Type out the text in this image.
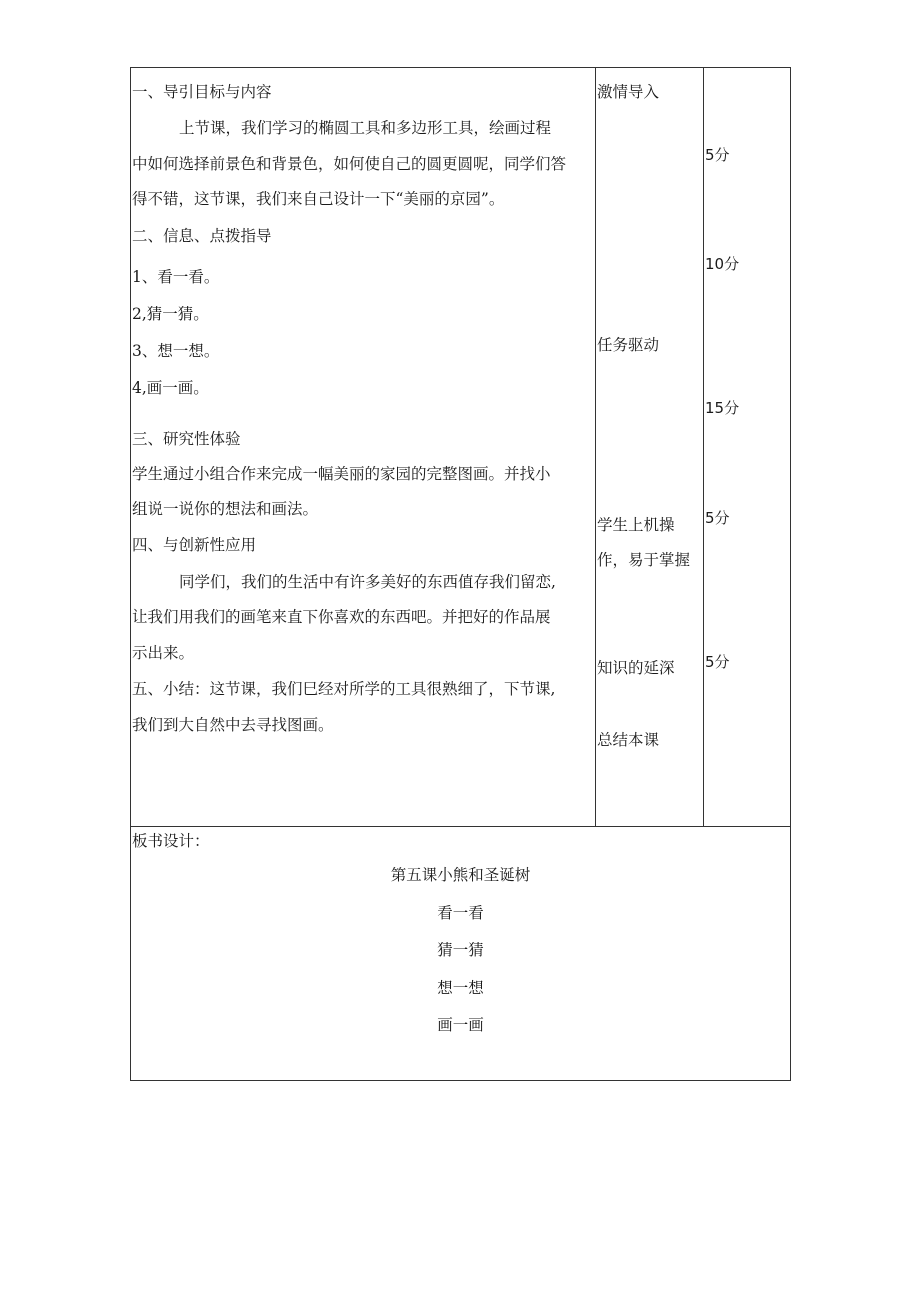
一、导引目标与内容
上节课，我们学习的椭圆工具和多边形工具，绘画过程
中如何选择前景色和背景色，如何使自己的圆更圆呢，同学们答
得不错，这节课，我们来自己设计一下“美丽的京园”。
二、信息、点拨指导
1、看一看。
2,猜一猜。
3、想一想。
4,画一画。
三、研究性体验
学生通过小组合作来完成一幅美丽的家园的完整图画。并找小
组说一说你的想法和画法。
四、与创新性应用
同学们，我们的生活中有许多美好的东西值存我们留恋,
让我们用我们的画笔来直下你喜欢的东西吧。并把好的作品展
示出来。
五、小结：这节课，我们巳经对所学的工具很熟细了，下节课,
我们到大自然中去寻找图画。
激情导入
任务驱动
学生上机操
作，易于掌握
知识的延深
总结本课
5分
10分
15分
5分
5分
板书设计：
第五课小熊和圣诞树
看一看
猜一猜
想一想
画一画
